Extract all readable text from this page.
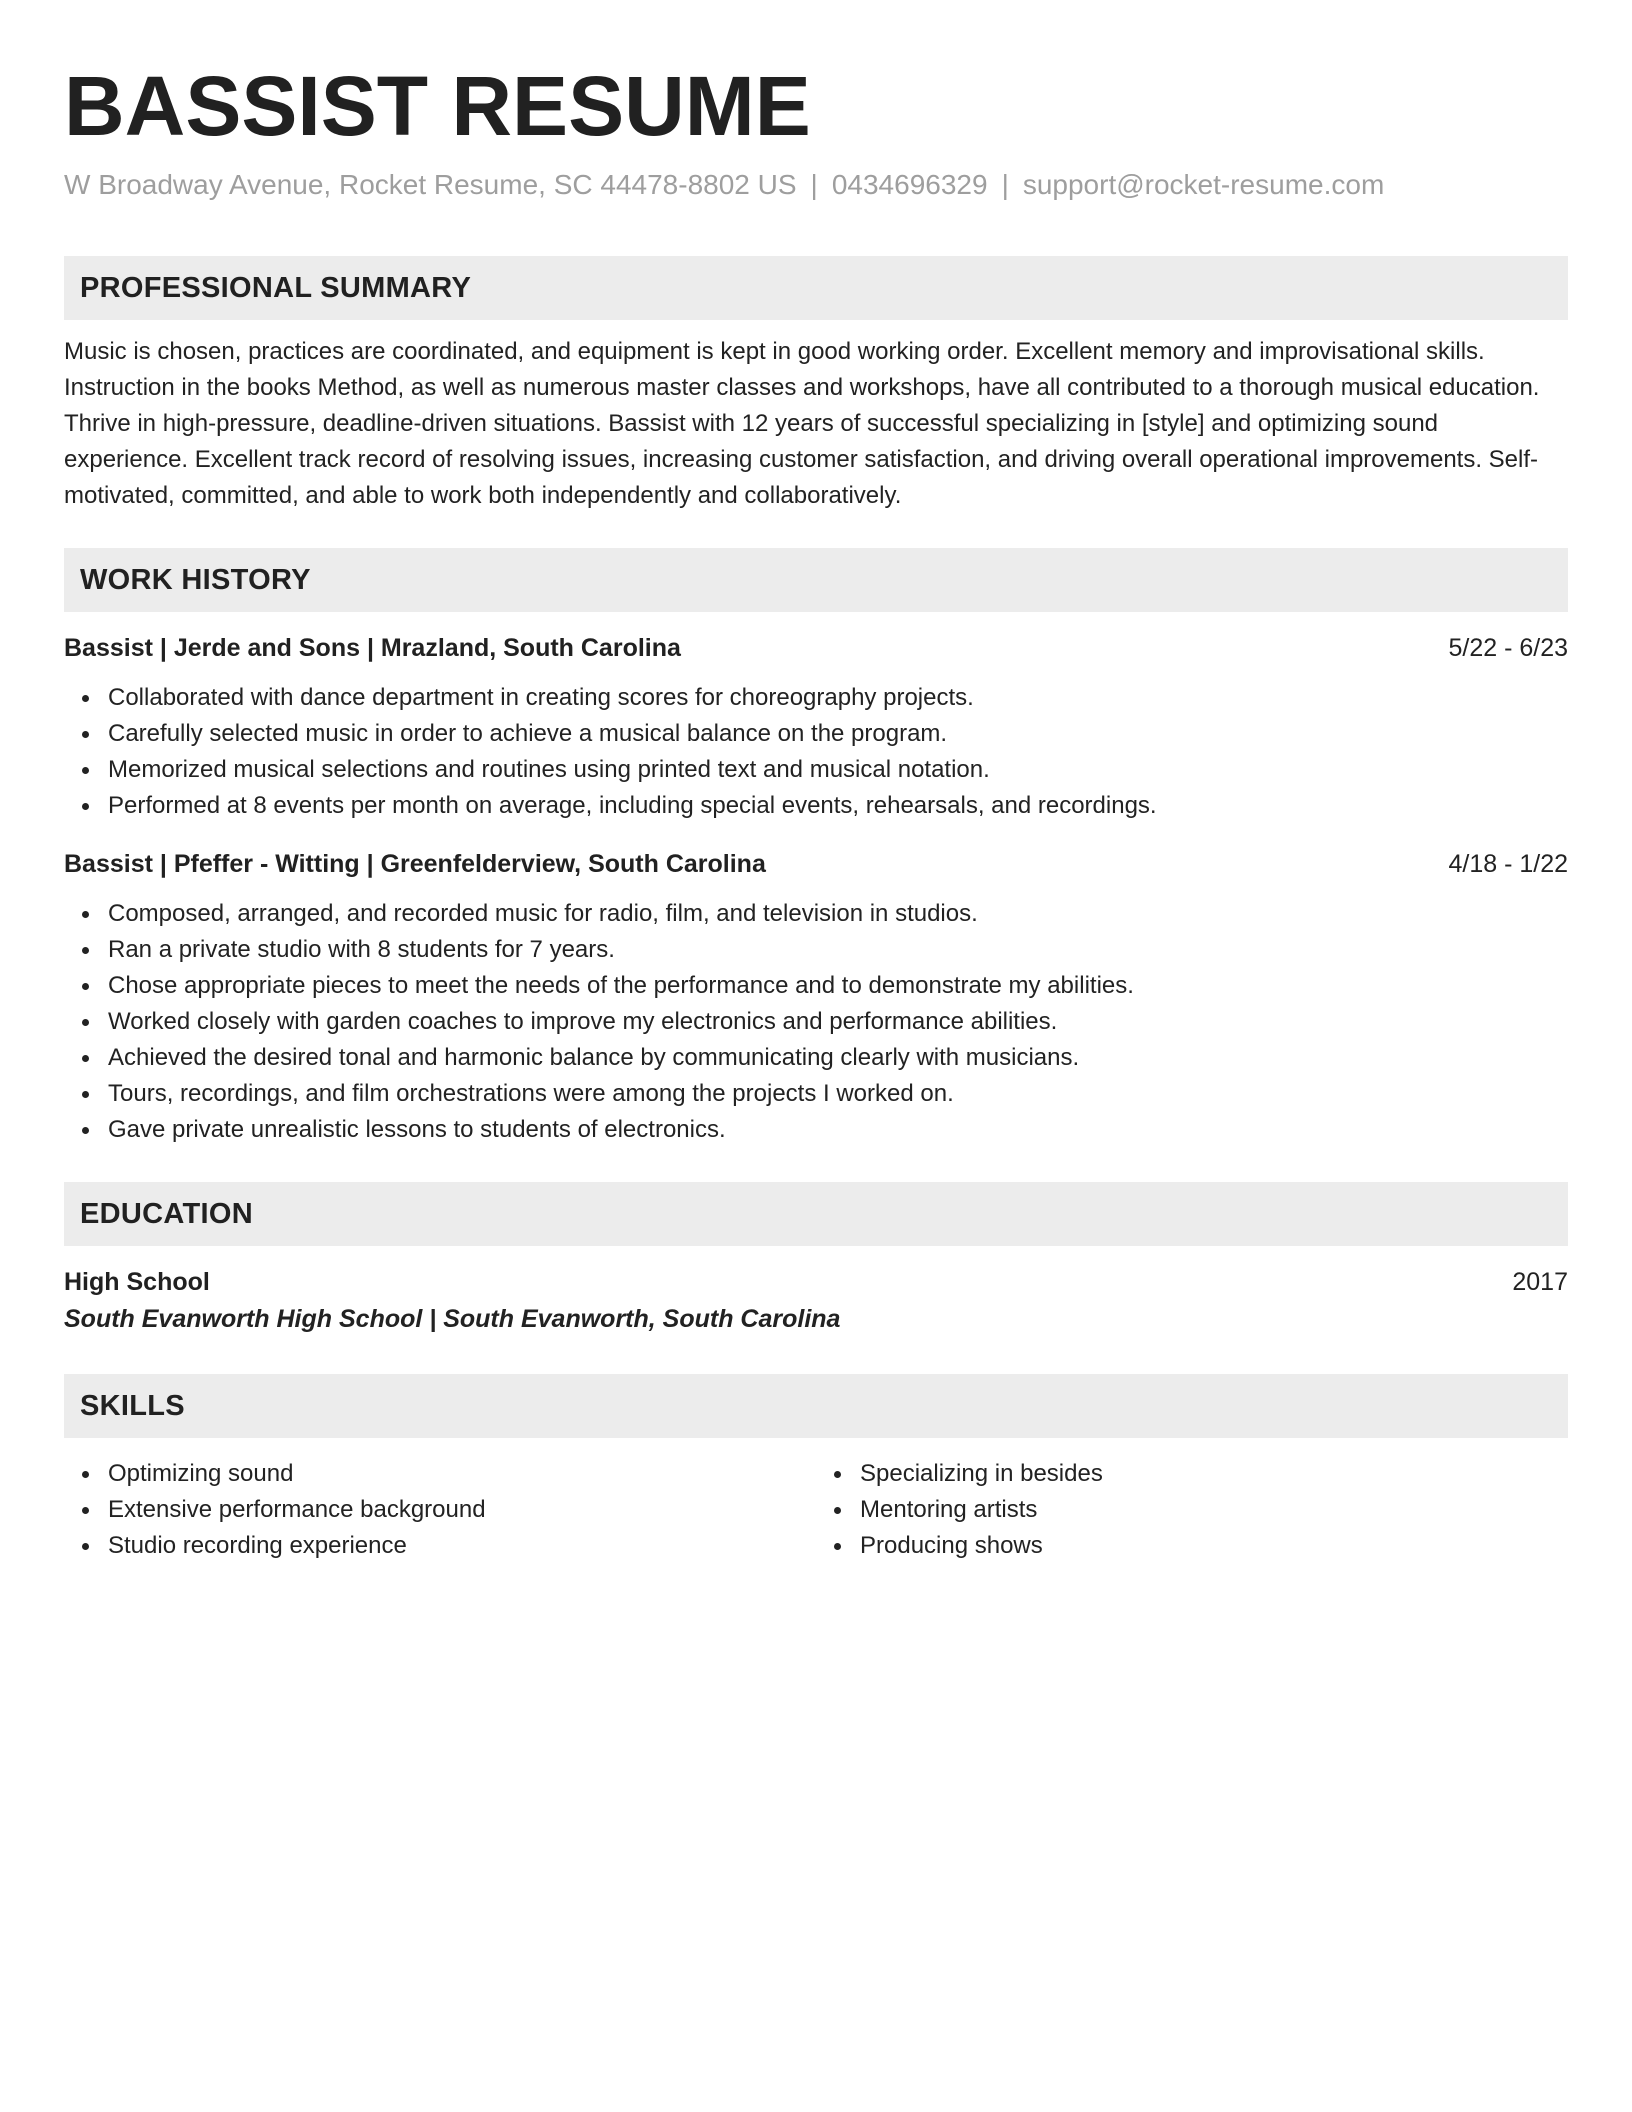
BASSIST RESUME
W Broadway Avenue, Rocket Resume, SC 44478-8802 US | 0434696329 | support@rocket-resume.com
PROFESSIONAL SUMMARY
Music is chosen, practices are coordinated, and equipment is kept in good working order. Excellent memory and improvisational skills. Instruction in the books Method, as well as numerous master classes and workshops, have all contributed to a thorough musical education. Thrive in high-pressure, deadline-driven situations. Bassist with 12 years of successful specializing in [style] and optimizing sound experience. Excellent track record of resolving issues, increasing customer satisfaction, and driving overall operational improvements. Self-motivated, committed, and able to work both independently and collaboratively.
WORK HISTORY
Bassist | Jerde and Sons | Mrazland, South Carolina	5/22 - 6/23
Collaborated with dance department in creating scores for choreography projects.
Carefully selected music in order to achieve a musical balance on the program.
Memorized musical selections and routines using printed text and musical notation.
Performed at 8 events per month on average, including special events, rehearsals, and recordings.
Bassist | Pfeffer - Witting | Greenfelderview, South Carolina	4/18 - 1/22
Composed, arranged, and recorded music for radio, film, and television in studios.
Ran a private studio with 8 students for 7 years.
Chose appropriate pieces to meet the needs of the performance and to demonstrate my abilities.
Worked closely with garden coaches to improve my electronics and performance abilities.
Achieved the desired tonal and harmonic balance by communicating clearly with musicians.
Tours, recordings, and film orchestrations were among the projects I worked on.
Gave private unrealistic lessons to students of electronics.
EDUCATION
High School	2017
South Evanworth High School | South Evanworth, South Carolina
SKILLS
Optimizing sound
Extensive performance background
Studio recording experience
Specializing in besides
Mentoring artists
Producing shows
